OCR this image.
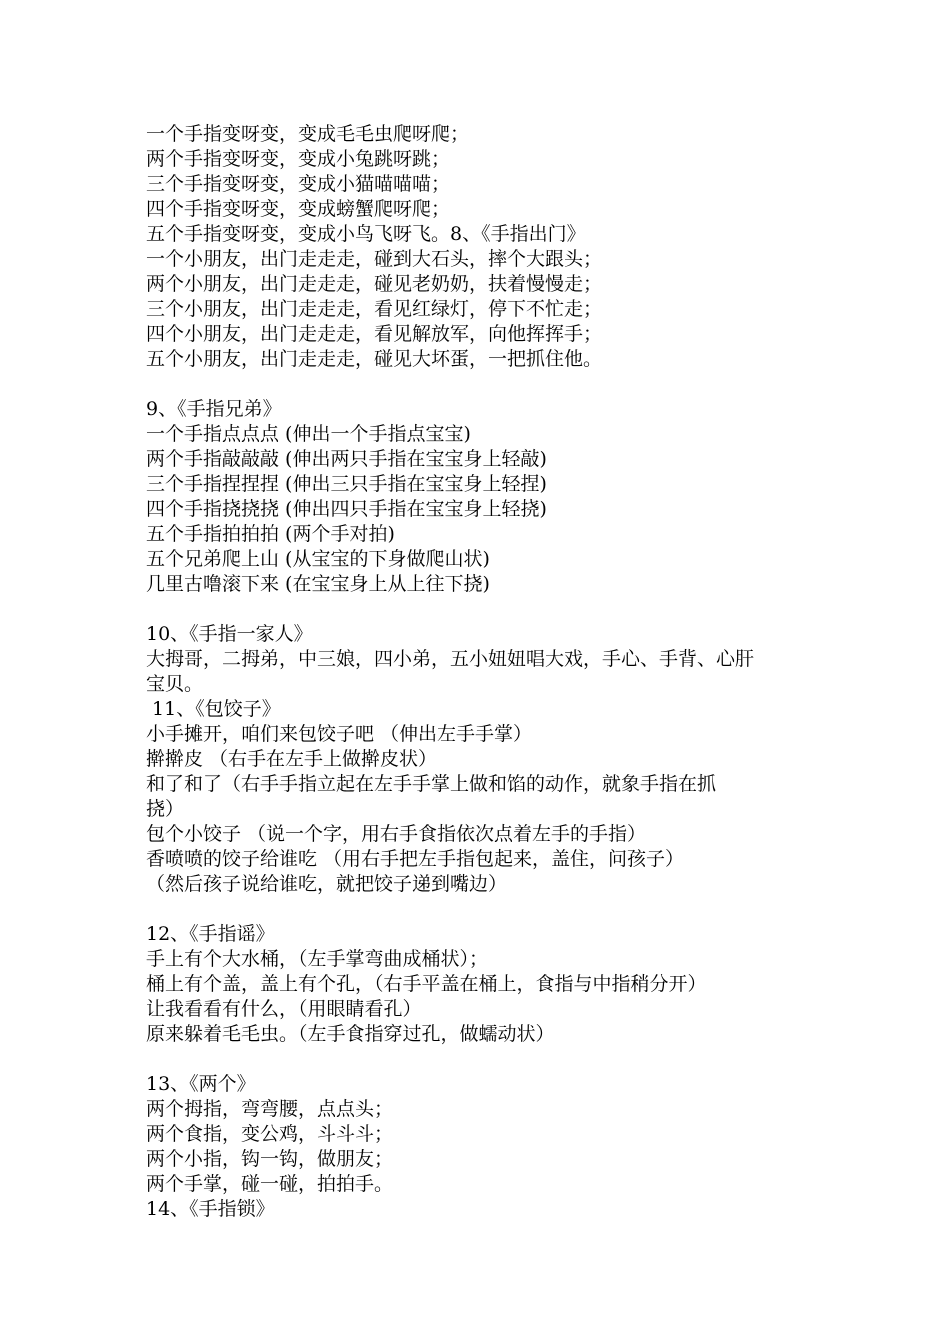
一个手指变呀变，变成毛毛虫爬呀爬；
两个手指变呀变，变成小兔跳呀跳；
三个手指变呀变，变成小猫喵喵喵；
四个手指变呀变，变成螃蟹爬呀爬；
五个手指变呀变，变成小鸟飞呀飞。8、《手指出门》
一个小朋友，出门走走走，碰到大石头，摔个大跟头；
两个小朋友，出门走走走，碰见老奶奶，扶着慢慢走；
三个小朋友，出门走走走，看见红绿灯，停下不忙走；
四个小朋友，出门走走走，看见解放军，向他挥挥手；
五个小朋友，出门走走走，碰见大坏蛋，一把抓住他。
9、《手指兄弟》
一个手指点点点 (伸出一个手指点宝宝)
两个手指敲敲敲 (伸出两只手指在宝宝身上轻敲)
三个手指捏捏捏 (伸出三只手指在宝宝身上轻捏)
四个手指挠挠挠 (伸出四只手指在宝宝身上轻挠)
五个手指拍拍拍 (两个手对拍)
五个兄弟爬上山 (从宝宝的下身做爬山状)
几里古噜滚下来 (在宝宝身上从上往下挠)
10、《手指一家人》
大拇哥，二拇弟，中三娘，四小弟，五小妞妞唱大戏，手心、手背、心肝
宝贝。
11、《包饺子》
小手摊开，咱们来包饺子吧 （伸出左手手掌）
擀擀皮 （右手在左手上做擀皮状）
和了和了（右手手指立起在左手手掌上做和馅的动作，就象手指在抓
挠）
包个小饺子 （说一个字，用右手食指依次点着左手的手指）
香喷喷的饺子给谁吃 （用右手把左手指包起来，盖住，问孩子）
（然后孩子说给谁吃，就把饺子递到嘴边）
12、《手指谣》
手上有个大水桶，（左手掌弯曲成桶状）；
桶上有个盖，盖上有个孔，（右手平盖在桶上，食指与中指稍分开）
让我看看有什么，（用眼睛看孔）
原来躲着毛毛虫。（左手食指穿过孔，做蠕动状）
13、《两个》
两个拇指，弯弯腰，点点头；
两个食指，变公鸡，斗斗斗；
两个小指，钩一钩，做朋友；
两个手掌，碰一碰，拍拍手。
14、《手指锁》
